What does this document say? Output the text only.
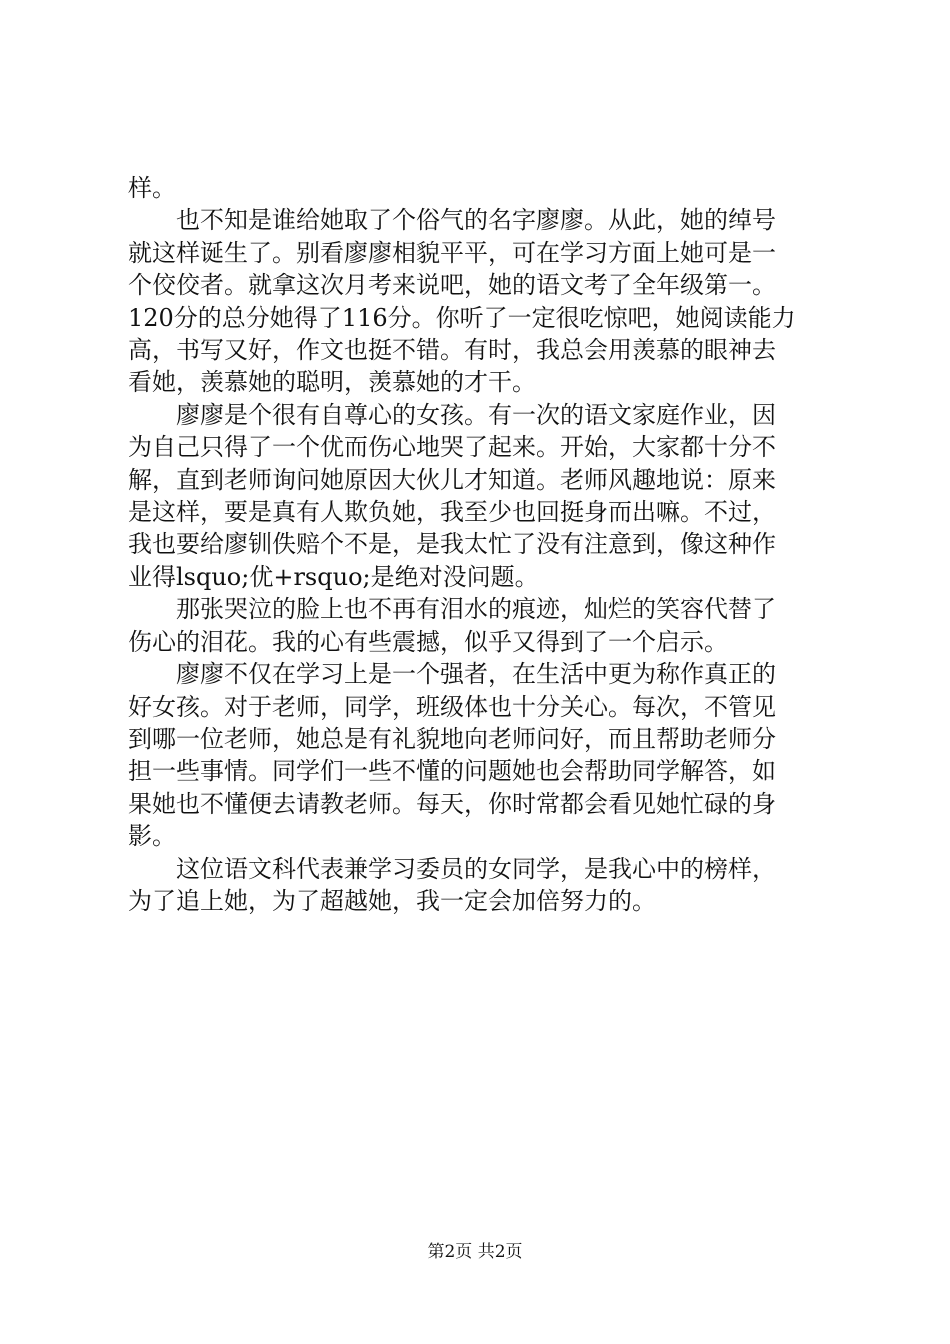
样。

　　也不知是谁给她取了个俗气的名字廖廖。从此，她的绰号
就这样诞生了。别看廖廖相貌平平，可在学习方面上她可是一
个佼佼者。就拿这次月考来说吧，她的语文考了全年级第一。
120分的总分她得了116分。你听了一定很吃惊吧，她阅读能力
高，书写又好，作文也挺不错。有时，我总会用羡慕的眼神去
看她，羡慕她的聪明，羡慕她的才干。

　　廖廖是个很有自尊心的女孩。有一次的语文家庭作业，因
为自己只得了一个优而伤心地哭了起来。开始，大家都十分不
解，直到老师询问她原因大伙儿才知道。老师风趣地说：原来
是这样，要是真有人欺负她，我至少也回挺身而出嘛。不过，
我也要给廖钏佚赔个不是，是我太忙了没有注意到，像这种作
业得lsquo;优+rsquo;是绝对没问题。

　　那张哭泣的脸上也不再有泪水的痕迹，灿烂的笑容代替了
伤心的泪花。我的心有些震撼，似乎又得到了一个启示。

　　廖廖不仅在学习上是一个强者，在生活中更为称作真正的
好女孩。对于老师，同学，班级体也十分关心。每次，不管见
到哪一位老师，她总是有礼貌地向老师问好，而且帮助老师分
担一些事情。同学们一些不懂的问题她也会帮助同学解答，如
果她也不懂便去请教老师。每天，你时常都会看见她忙碌的身
影。

　　这位语文科代表兼学习委员的女同学，是我心中的榜样，
为了追上她，为了超越她，我一定会加倍努力的。

第2页 共2页
